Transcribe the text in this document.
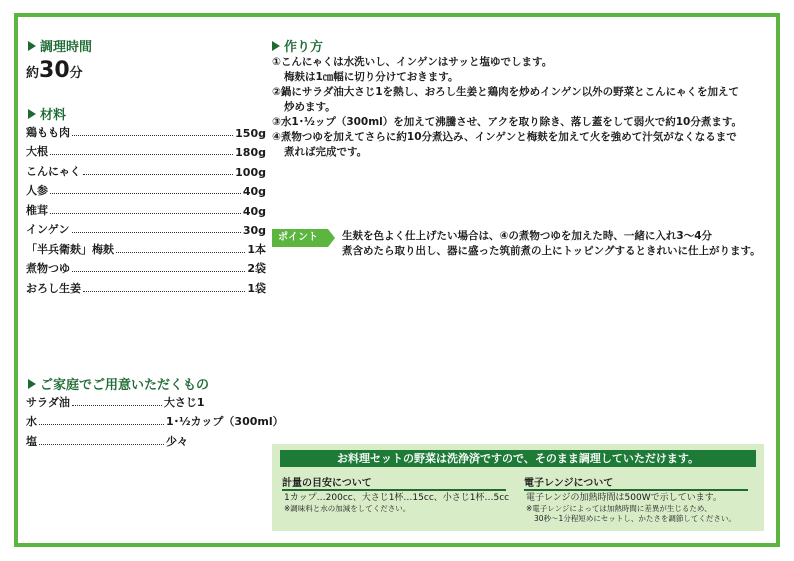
調理時間
約30分
材料
鶏もも肉	150g
大根	180g
こんにゃく	100g
人参	40g
椎茸	40g
インゲン	30g
「半兵衛麸」梅麸	1本
煮物つゆ	2袋
おろし生姜	1袋
ご家庭でご用意いただくもの
サラダ油	大さじ1
水	1･½カップ（300ml）
塩	少々
作り方
①こんにゃくは水洗いし、インゲンはサッと塩ゆでします。
梅麸は1㎝幅に切り分けておきます。
②鍋にサラダ油大さじ1を熱し、おろし生姜と鶏肉を炒めインゲン以外の野菜とこんにゃくを加えて
炒めます。
③水1･½ップ（300ml）を加えて沸騰させ、アクを取り除き、落し蓋をして弱火で約10分煮ます。
④煮物つゆを加えてさらに約10分煮込み、インゲンと梅麸を加えて火を強めて汁気がなくなるまで
煮れば完成です。
ポイント	生麸を色よく仕上げたい場合は、④の煮物つゆを加えた時、一緒に入れ3～4分
煮含めたら取り出し、器に盛った筑前煮の上にトッピングするときれいに仕上がります。
お料理セットの野菜は洗浄済ですので、そのまま調理していただけます。
計量の目安について
1カップ…200cc、大さじ1杯…15cc、小さじ1杯…5cc
※調味料と水の加減をしてください。
電子レンジについて
電子レンジの加熱時間は500Wで示しています。
※電子レンジによっては加熱時間に差異が生じるため、
30秒～1分程短めにセットし、かたさを調節してください。
